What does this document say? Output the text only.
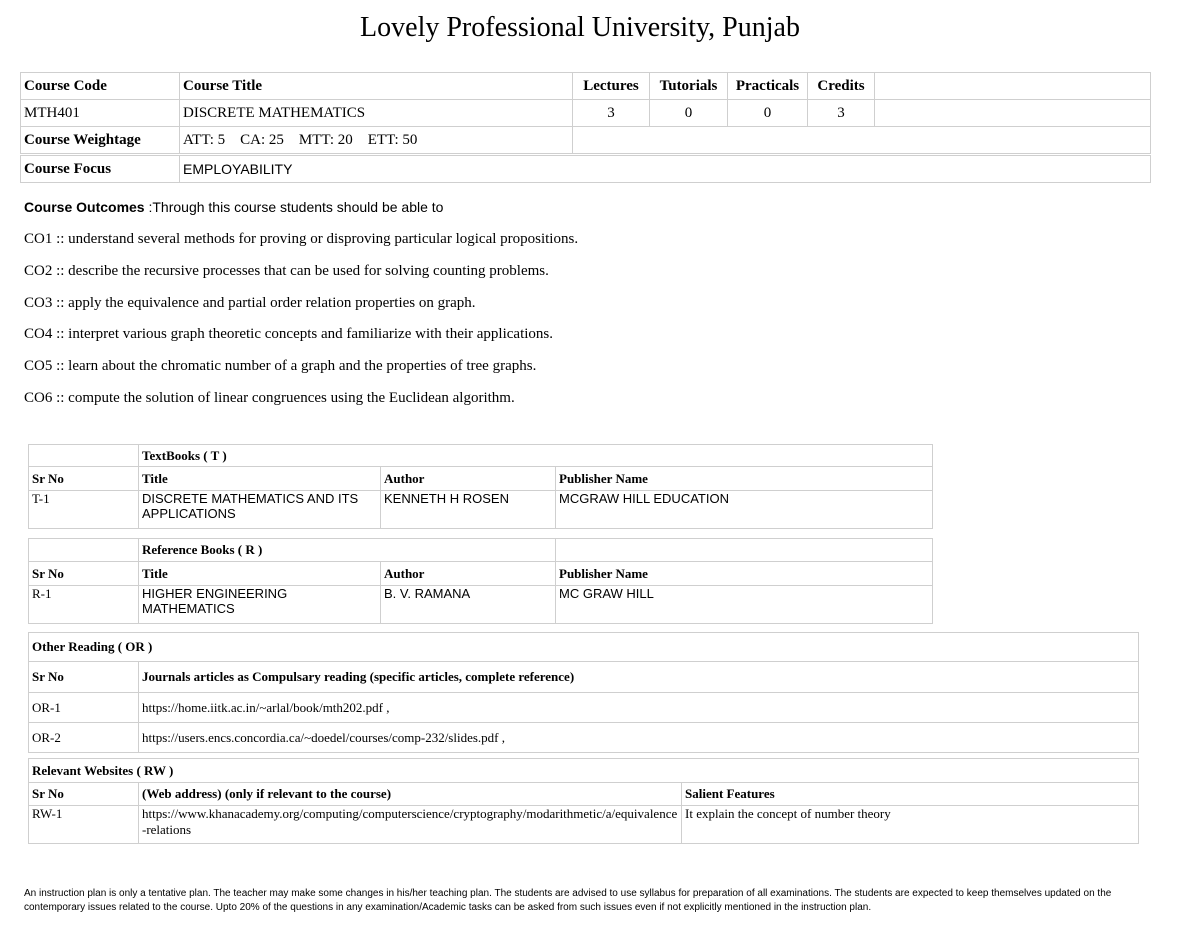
Lovely Professional University, Punjab
Course Code	Course Title	Lectures	Tutorials	Practicals	Credits	
MTH401	DISCRETE MATHEMATICS	3	0	0	3	
Course Weightage	ATT: 5    CA: 25    MTT: 20    ETT: 50					
Course Focus	EMPLOYABILITY
Course Outcomes :Through this course students should be able to
CO1 :: understand several methods for proving or disproving particular logical propositions.
CO2 :: describe the recursive processes that can be used for solving counting problems.
CO3 :: apply the equivalence and partial order relation properties on graph.
CO4 :: interpret various graph theoretic concepts and familiarize with their applications.
CO5 :: learn about the chromatic number of a graph and the properties of tree graphs.
CO6 :: compute the solution of linear congruences using the Euclidean algorithm.
	TextBooks ( T )		
Sr No	Title	Author	Publisher Name
T-1	DISCRETE MATHEMATICS AND ITS APPLICATIONS	KENNETH H ROSEN	MCGRAW HILL EDUCATION
	Reference Books ( R )		
Sr No	Title	Author	Publisher Name
R-1	HIGHER ENGINEERING MATHEMATICS	B. V. RAMANA	MC GRAW HILL
Other Reading ( OR )	
Sr No	Journals articles as Compulsary reading (specific articles, complete reference)
OR-1	https://home.iitk.ac.in/~arlal/book/mth202.pdf ,
OR-2	https://users.encs.concordia.ca/~doedel/courses/comp-232/slides.pdf ,
Relevant Websites ( RW )		
Sr No	(Web address) (only if relevant to the course)	Salient Features
RW-1	https://www.khanacademy.org/computing/computerscience/cryptography/modarithmetic/a/equivalence-relations	It explain the concept of number theory
An instruction plan is only a tentative plan. The teacher may make some changes in his/her teaching plan. The students are advised to use syllabus for preparation of all examinations. The students are expected to keep themselves updated on the contemporary issues related to the course. Upto 20% of the questions in any examination/Academic tasks can be asked from such issues even if not explicitly mentioned in the instruction plan.
